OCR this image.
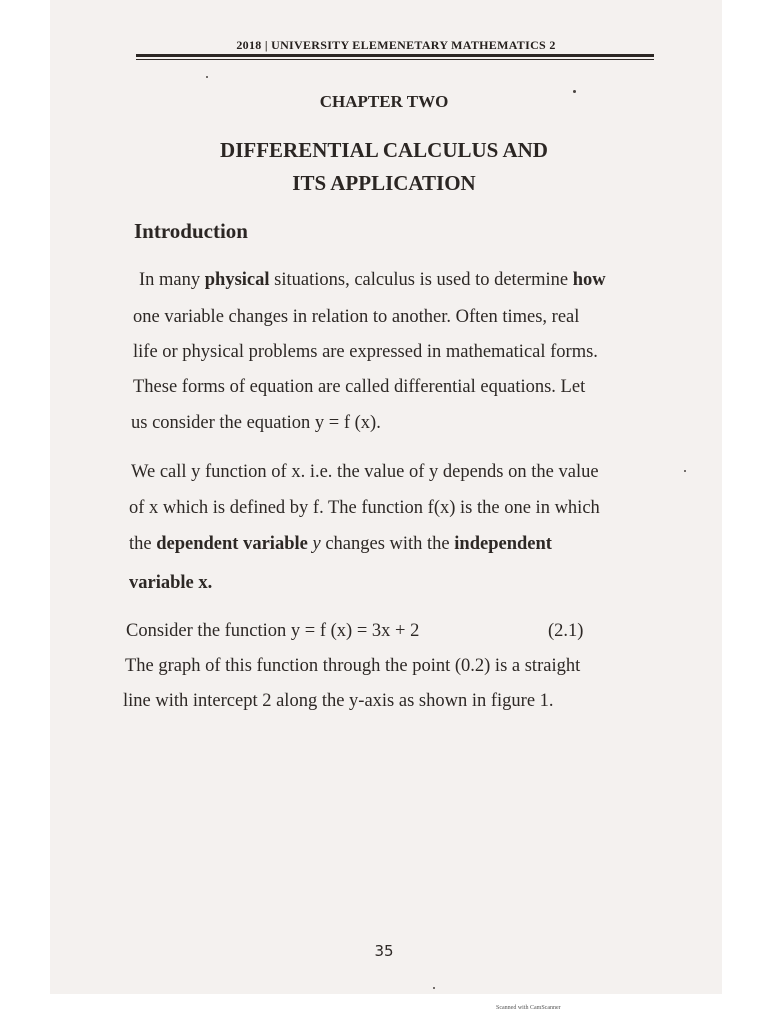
2018 | UNIVERSITY ELEMENETARY MATHEMATICS 2
CHAPTER TWO
DIFFERENTIAL CALCULUS AND
ITS APPLICATION
Introduction
In many physical situations, calculus is used to determine how
one variable changes in relation to another. Often times, real
life or physical problems are expressed in mathematical forms.
These forms of equation are called differential equations. Let
us consider the equation y = f (x).
We call y function of x. i.e. the value of y depends on the value
of x which is defined by f. The function f(x) is the one in which
the dependent variable y changes with the independent
variable x.
Consider the function y = f (x) = 3x + 2	(2.1)
The graph of this function through the point (0.2) is a straight
line with intercept 2 along the y-axis as shown in figure 1.
35
Scanned with CamScanner
